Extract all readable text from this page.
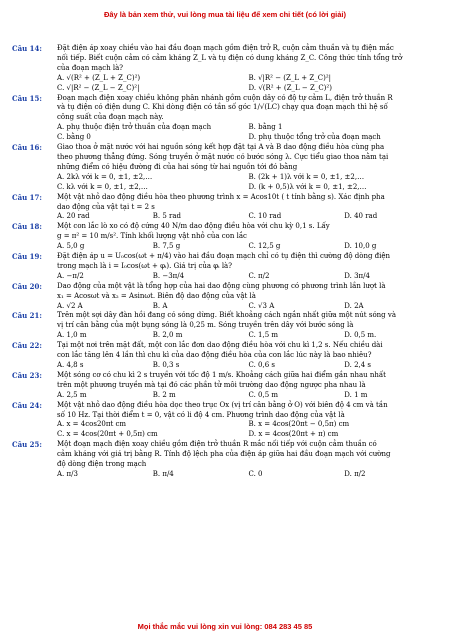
Đây là bản xem thử, vui lòng mua tài liệu để xem chi tiết (có lời giải)
Câu 14: Đặt điện áp xoay chiều vào hai đầu đoạn mạch gồm điện trở R, cuộn cảm thuần và tụ điện mắc
nối tiếp. Biết cuộn cảm có cảm kháng Z_L và tụ điện có dung kháng Z_C. Công thức tính tổng trở
của đoạn mạch là?
A. √(R² + (Z_L + Z_C)²)	B. √|R² − (Z_L + Z_C)²|
C. √|R² − (Z_L − Z_C)²|	D. √(R² + (Z_L − Z_C)²)
Câu 15: Đoạn mạch điện xoay chiều không phân nhánh gồm cuộn dây có độ tự cảm L, điện trở thuần R
và tụ điện có điện dung C. Khi dòng điện có tần số góc 1/√(LC) chạy qua đoạn mạch thì hệ số
công suất của đoạn mạch này.
A. phụ thuộc điện trở thuần của đoạn mạch	B. bằng 1
C. bằng 0	D. phụ thuộc tổng trở của đoạn mạch
Câu 16: Giao thoa ở mặt nước với hai nguồn sóng kết hợp đặt tại A và B dao động điều hòa cùng pha
theo phương thẳng đứng. Sóng truyền ở mặt nước có bước sóng λ. Cực tiểu giao thoa nằm tại
những điểm có hiệu đường đi của hai sóng từ hai nguồn tới đó bằng
A. 2kλ với k = 0, ±1, ±2,…	B. (2k + 1)λ với k = 0, ±1, ±2,…
C. kλ với k = 0, ±1, ±2,…	D. (k + 0,5)λ với k = 0, ±1, ±2,…
Câu 17: Một vật nhỏ dao động điều hòa theo phương trình x = Acos10t ( t tính bằng s). Xác định pha
dao động của vật tại t = 2 s
A. 20 rad	B. 5 rad	C. 10 rad	D. 40 rad
Câu 18: Một con lắc lò xo có độ cứng 40 N/m dao động điều hòa với chu kỳ 0,1 s. Lấy
g = π² = 10 m/s². Tính khối lượng vật nhỏ của con lắc
A. 5,0 g	B. 7,5 g	C. 12,5 g	D. 10,0 g
Câu 19: Đặt điện áp u = U₀cos(ωt + π/4) vào hai đầu đoạn mạch chỉ có tụ điện thì cường độ dòng điện
trong mạch là i = I₀cos(ωt + φᵢ). Giá trị của φᵢ là?
A. −π/2	B. −3π/4	C. π/2	D. 3π/4
Câu 20: Dao động của một vật là tổng hợp của hai dao động cùng phương có phương trình lần lượt là
x₁ = Acosωt và x₂ = Asinωt. Biên độ dao động của vật là
A. √2 A	B. A	C. √3 A	D. 2A
Câu 21: Trên một sợi dây đàn hồi đang có sóng dừng. Biết khoảng cách ngắn nhất giữa một nút sóng và
vị trí cân bằng của một bụng sóng là 0,25 m. Sóng truyền trên dây với bước sóng là
A. 1,0 m	B. 2,0 m	C. 1,5 m	D. 0,5 m.
Câu 22: Tại một nơi trên mặt đất, một con lắc đơn dao động điều hòa với chu kì 1,2 s. Nếu chiều dài
con lắc tăng lên 4 lần thì chu kì của dao động điều hòa của con lắc lúc này là bao nhiêu?
A. 4,8 s	B. 0,3 s	C. 0,6 s	D. 2,4 s
Câu 23: Một sóng cơ có chu kì 2 s truyền với tốc độ 1 m/s. Khoảng cách giữa hai điểm gần nhau nhất
trên một phương truyền mà tại đó các phần tử môi trường dao động ngược pha nhau là
A. 2,5 m	B. 2 m	C. 0,5 m	D. 1 m
Câu 24: Một vật nhỏ dao động điều hòa dọc theo trục Ox (vị trí cân bằng ở O) với biên độ 4 cm và tần
số 10 Hz. Tại thời điểm t = 0, vật có li độ 4 cm. Phương trình dao động của vật là
A. x = 4cos20πt cm	B. x = 4cos(20πt − 0,5π) cm
C. x = 4cos(20πt + 0,5π) cm	D. x = 4cos(20πt + π) cm
Câu 25: Một đoạn mạch điện xoay chiều gồm điện trở thuần R mắc nối tiếp với cuộn cảm thuần có
cảm kháng với giá trị bằng R. Tính độ lệch pha của điện áp giữa hai đầu đoạn mạch với cường
độ dòng điện trong mạch
A. π/3	B. π/4	C. 0	D. π/2
Mọi thắc mắc vui lòng xin vui lòng: 084 283 45 85
